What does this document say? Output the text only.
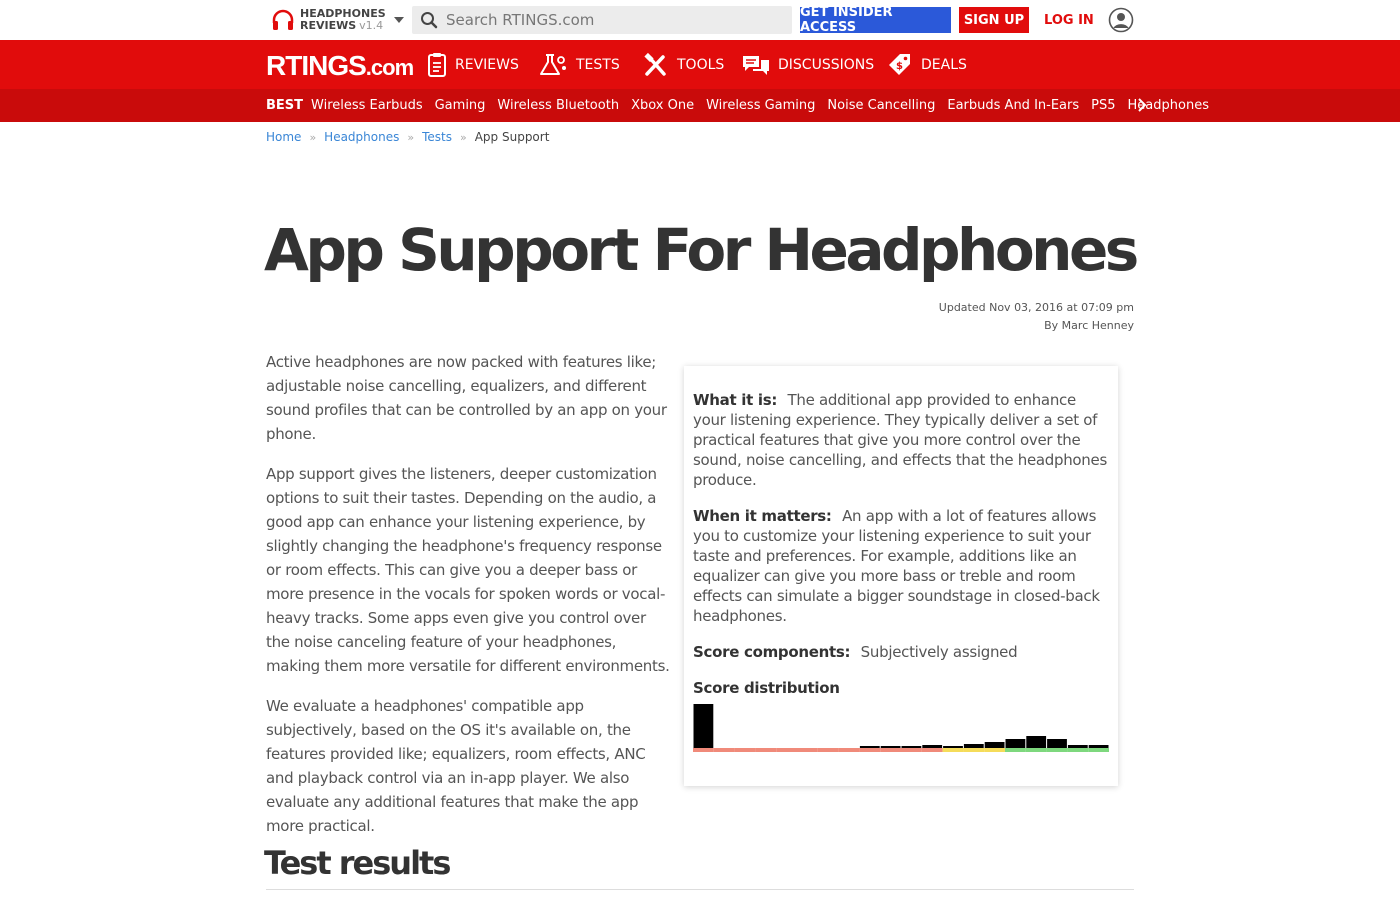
HEADPHONES
REVIEWS v1.4
Search RTINGS.com
GET INSIDER ACCESS	SIGN UP	LOG IN
RTINGS.com	REVIEWS	TESTS	TOOLS	DISCUSSIONS $ DEALS
BEST Wireless Earbuds Gaming Wireless Bluetooth Xbox One Wireless Gaming Noise Cancelling Earbuds And In-Ears PS5 Headphones
Home » Headphones » Tests » App Support
App Support For Headphones
Updated Nov 03, 2016 at 07:09 pm
By Marc Henney

Active headphones are now packed with features like; adjustable noise cancelling, equalizers, and different sound profiles that can be controlled by an app on your phone.

App support gives the listeners, deeper customization options to suit their tastes. Depending on the audio, a good app can enhance your listening experience, by slightly changing the headphone's frequency response or room effects. This can give you a deeper bass or more presence in the vocals for spoken words or vocal-heavy tracks. Some apps even give you control over the noise canceling feature of your headphones, making them more versatile for different environments.

We evaluate a headphones' compatible app subjectively, based on the OS it's available on, the features provided like; equalizers, room effects, ANC and playback control via an in-app player. We also evaluate any additional features that make the app more practical.

What it is: The additional app provided to enhance your listening experience. They typically deliver a set of practical features that give you more control over the sound, noise cancelling, and effects that the headphones produce.
When it matters: An app with a lot of features allows you to customize your listening experience to suit your taste and preferences. For example, additions like an equalizer can give you more bass or treble and room effects can simulate a bigger soundstage in closed-back headphones.
Score components: Subjectively assigned
Score distribution
Test results
